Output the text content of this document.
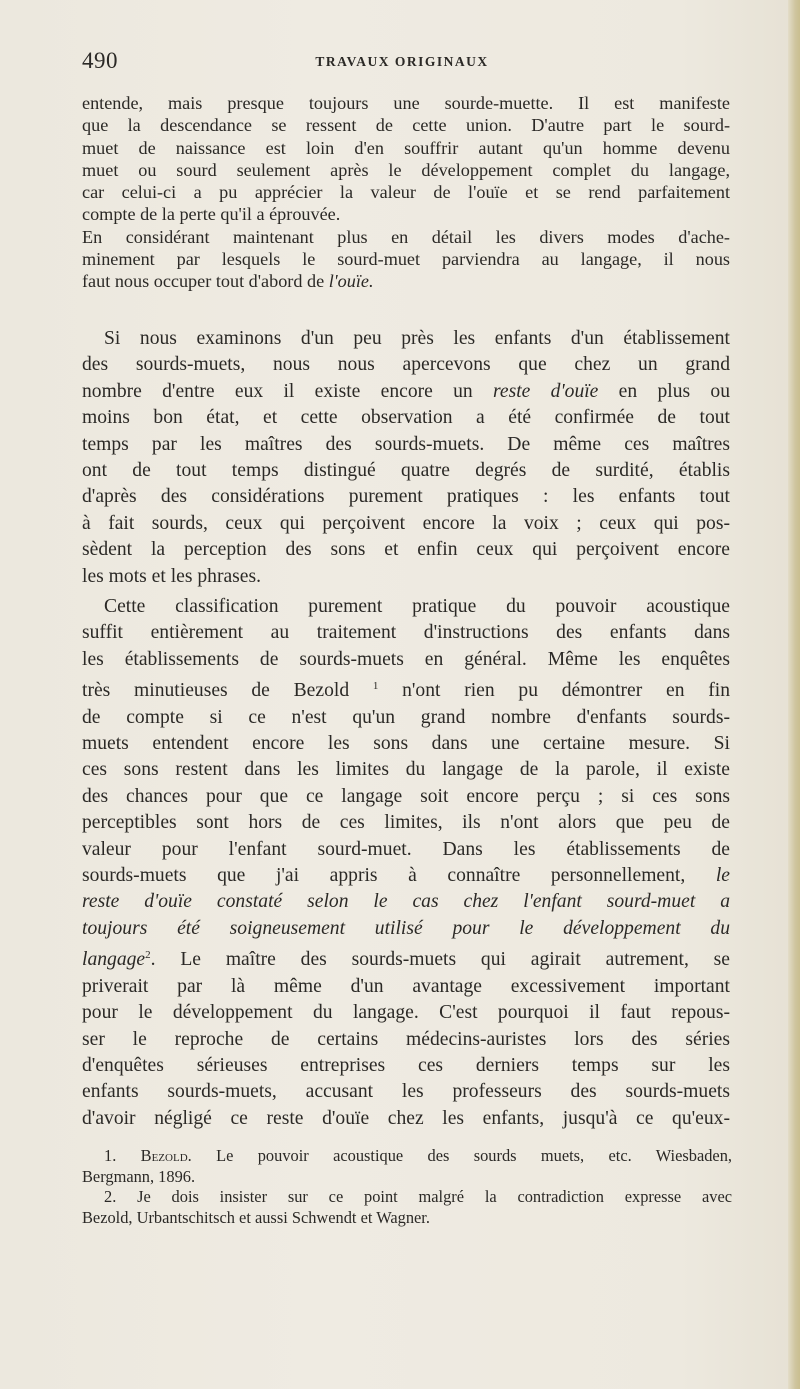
490	TRAVAUX ORIGINAUX
entende, mais presque toujours une sourde-muette. Il est manifeste
que la descendance se ressent de cette union. D'autre part le sourd-
muet de naissance est loin d'en souffrir autant qu'un homme devenu
muet ou sourd seulement après le développement complet du langage,
car celui-ci a pu apprécier la valeur de l'ouïe et se rend parfaitement
compte de la perte qu'il a éprouvée.
En considérant maintenant plus en détail les divers modes d'ache-
minement par lesquels le sourd-muet parviendra au langage, il nous
faut nous occuper tout d'abord de l'ouïe.
Si nous examinons d'un peu près les enfants d'un établissement
des sourds-muets, nous nous apercevons que chez un grand
nombre d'entre eux il existe encore un reste d'ouïe en plus ou
moins bon état, et cette observation a été confirmée de tout
temps par les maîtres des sourds-muets. De même ces maîtres
ont de tout temps distingué quatre degrés de surdité, établis
d'après des considérations purement pratiques : les enfants tout
à fait sourds, ceux qui perçoivent encore la voix ; ceux qui pos-
sèdent la perception des sons et enfin ceux qui perçoivent encore
les mots et les phrases.
Cette classification purement pratique du pouvoir acoustique
suffit entièrement au traitement d'instructions des enfants dans
les établissements de sourds-muets en général. Même les enquêtes
très minutieuses de Bezold $^1$ n'ont rien pu démontrer en fin
de compte si ce n'est qu'un grand nombre d'enfants sourds-
muets entendent encore les sons dans une certaine mesure. Si
ces sons restent dans les limites du langage de la parole, il existe
des chances pour que ce langage soit encore perçu ; si ces sons
perceptibles sont hors de ces limites, ils n'ont alors que peu de
valeur pour l'enfant sourd-muet. Dans les établissements de
sourds-muets que j'ai appris à connaître personnellement, le
reste d'ouïe constaté selon le cas chez l'enfant sourd-muet a
toujours été soigneusement utilisé pour le développement du
langage$^2$. Le maître des sourds-muets qui agirait autrement, se
priverait par là même d'un avantage excessivement important
pour le développement du langage. C'est pourquoi il faut repous-
ser le reproche de certains médecins-auristes lors des séries
d'enquêtes sérieuses entreprises ces derniers temps sur les
enfants sourds-muets, accusant les professeurs des sourds-muets
d'avoir négligé ce reste d'ouïe chez les enfants, jusqu'à ce qu'eux-
1. Bezold. Le pouvoir acoustique des sourds muets, etc. Wiesbaden,
Bergmann, 1896.
2. Je dois insister sur ce point malgré la contradiction expresse avec
Bezold, Urbantschitsch et aussi Schwendt et Wagner.
